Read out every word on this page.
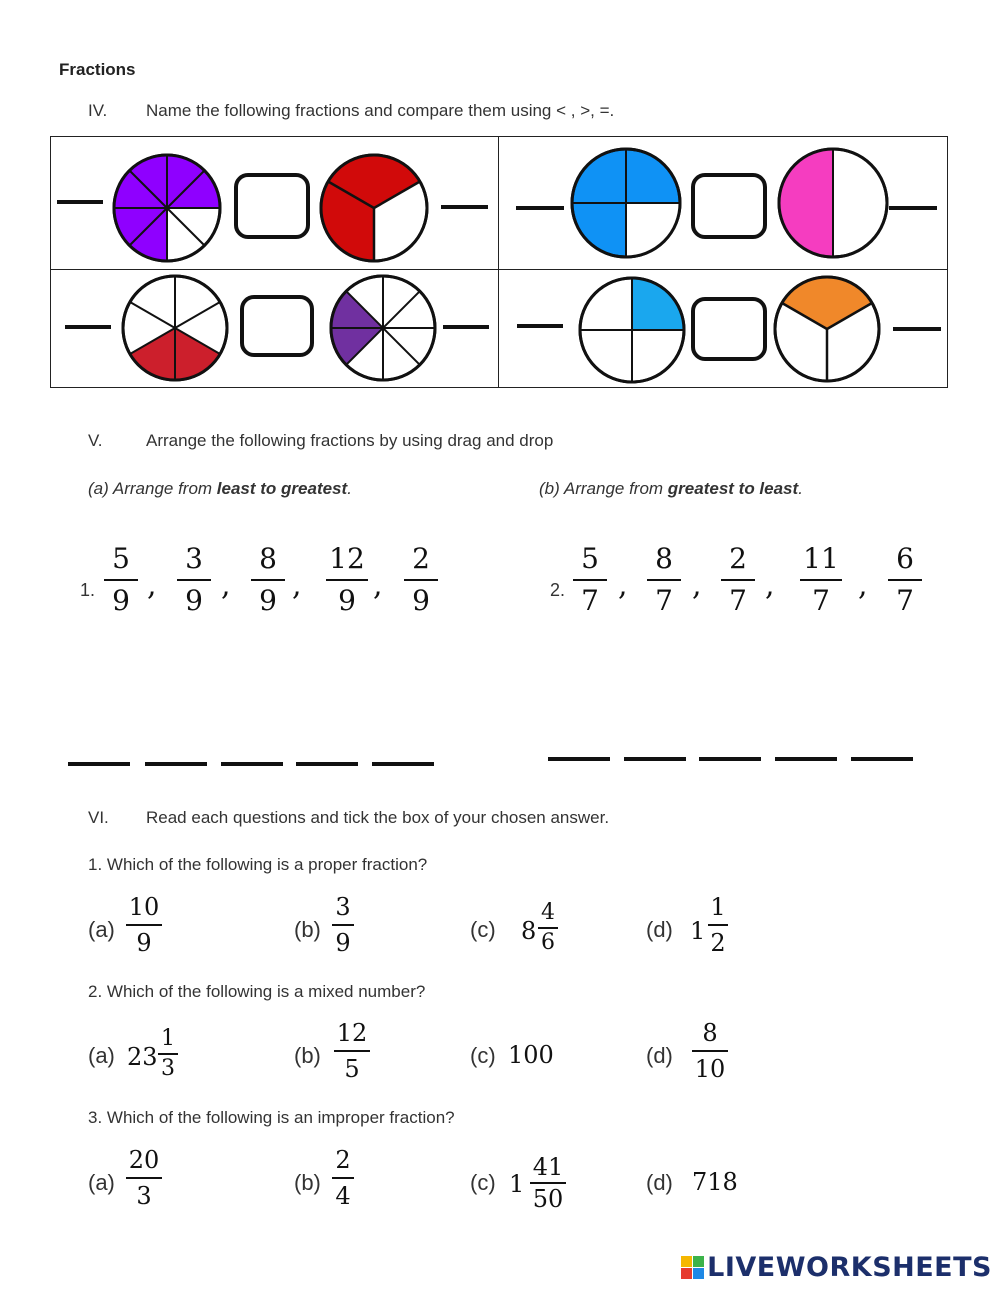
Fractions
IV. Name the following fractions and compare them using < , >, =.
V.	Arrange the following fractions by using drag and drop
(a) Arrange from least to greatest.	(b) Arrange from greatest to least.
1.
5
9 ,
3
9 ,
8
9 ,
12
9 ,
2
9	2.
5
7 ,
8
7 ,
2
7 ,
11
7 ,
6
7
VI. Read each questions and tick the box of your chosen answer.
1. Which of the following is a proper fraction?
(a)
10
9	(b)
3
9	(c) 8
4
6
(d) 1
1
2
2. Which of the following is a mixed number?
(a) 23
1
3
(b)
12
5	(c) 100	(d)
8
10
3. Which of the following is an improper fraction?
(a)
20
3	(b)
2
4	(c) 1
41
50
(d) 718
LIVEWORKSHEETS
